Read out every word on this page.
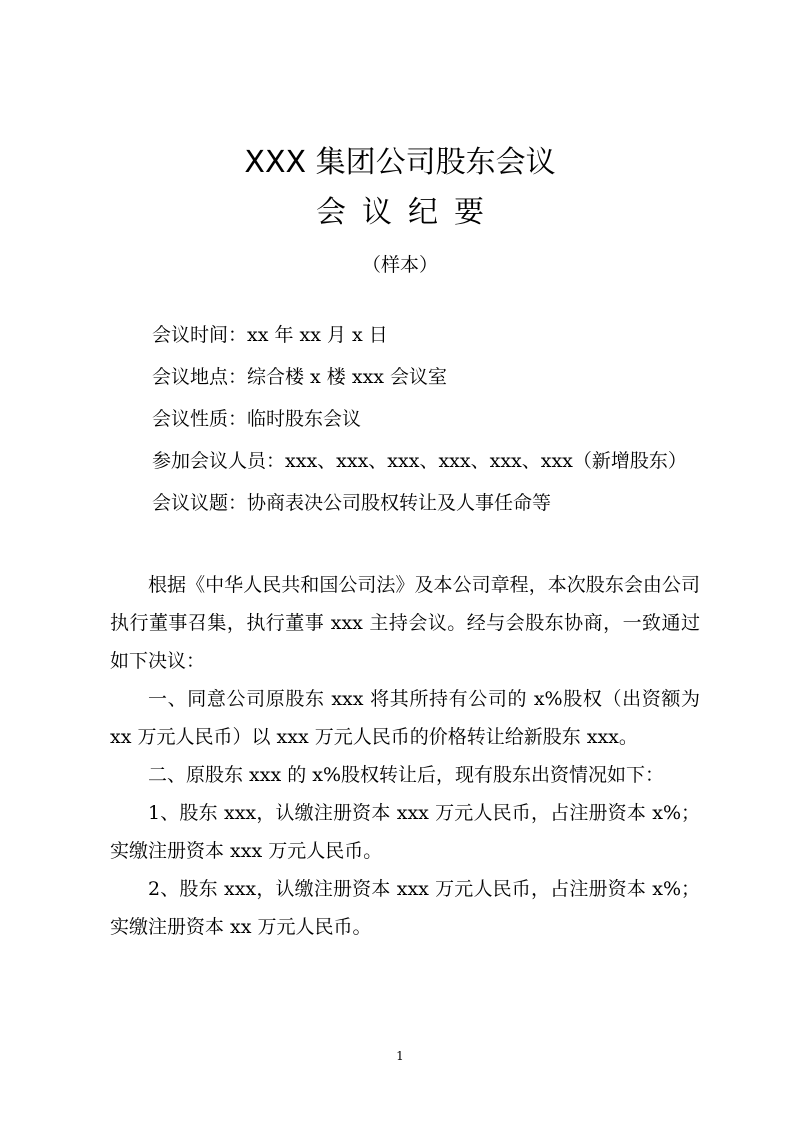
XXX 集团公司股东会议
会议纪要
（样本）
会议时间：xx 年 xx 月 x 日
会议地点：综合楼 x 楼 xxx 会议室
会议性质：临时股东会议
参加会议人员：xxx、xxx、xxx、xxx、xxx、xxx（新增股东）
会议议题：协商表决公司股权转让及人事任命等

根据《中华人民共和国公司法》及本公司章程，本次股东会由公司执行董事召集，执行董事 xxx 主持会议。经与会股东协商，一致通过如下决议：

一、同意公司原股东 xxx 将其所持有公司的 x%股权（出资额为 xx 万元人民币）以 xxx 万元人民币的价格转让给新股东 xxx。

二、原股东 xxx 的 x%股权转让后，现有股东出资情况如下：

1、股东 xxx，认缴注册资本 xxx 万元人民币，占注册资本 x%；实缴注册资本 xxx 万元人民币。

2、股东 xxx，认缴注册资本 xxx 万元人民币，占注册资本 x%；实缴注册资本 xx 万元人民币。

1
